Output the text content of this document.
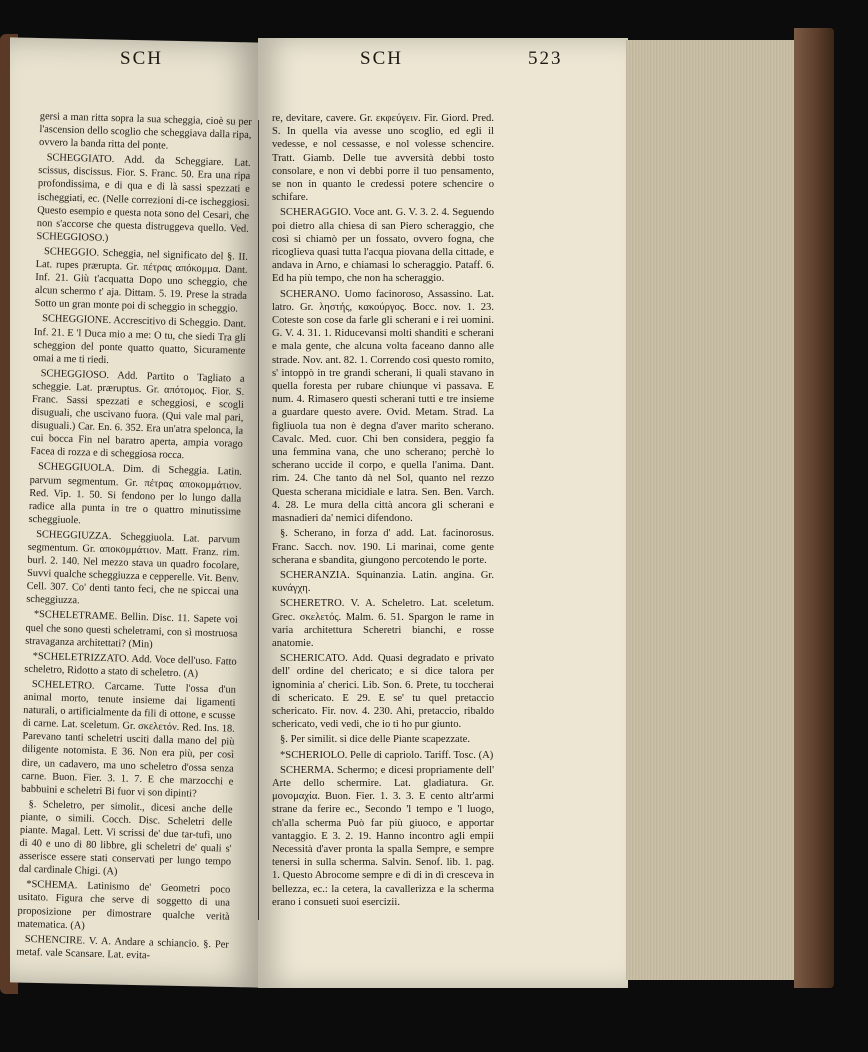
SCH	SCH	523

gersi a man ritta sopra la sua scheggia, cioè su per l'ascension dello scoglio che scheggiava dalla ripa, ovvero la banda ritta del ponte.

SCHEGGIATO. Add. da Scheggiare. Lat. scissus, discissus. Fior. S. Franc. 50. Era una ripa profondissima, e di qua e di là sassi spezzati e ischeggiati, ec. (Nelle correzioni di-ce ischeggiosi. Questo esempio e questa nota sono del Cesari, che non s'accorse che questa distruggeva quello. Ved. SCHEGGIOSO.)

SCHEGGIO. Scheggia, nel significato del §. II. Lat. rupes prærupta. Gr. πέτρας απόκομμα. Dant. Inf. 21. Giù t'acquatta Dopo uno scheggio, che alcun schermo t' aja. Dittam. 5. 19. Prese la strada Sotto un gran monte poi di scheggio in scheggio.

SCHEGGIONE. Accrescitivo di Scheggio. Dant. Inf. 21. E 'l Duca mio a me: O tu, che siedi Tra gli scheggion del ponte quatto quatto, Sicuramente omai a me ti riedi.

SCHEGGIOSO. Add. Partito o Tagliato a scheggie. Lat. præruptus. Gr. απότομος. Fior. S. Franc. Sassi spezzati e scheggiosi, e scogli disuguali, che uscivano fuora. (Qui vale mal pari, disuguali.) Car. En. 6. 352. Era un'atra spelonca, la cui bocca Fin nel baratro aperta, ampia vorago Facea di rozza e di scheggiosa rocca.

SCHEGGIUOLA. Dim. di Scheggia. Latin. parvum segmentum. Gr. πέτρας αποκομμάτιον. Red. Vip. 1. 50. Si fendono per lo lungo dalla radice alla punta in tre o quattro minutissime scheggiuole.

SCHEGGIUZZA. Scheggiuola. Lat. parvum segmentum. Gr. αποκομμάτιον. Matt. Franz. rim. burl. 2. 140. Nel mezzo stava un quadro focolare, Suvvi qualche scheggiuzza e cepperelle. Vit. Benv. Cell. 307. Co' denti tanto feci, che ne spiccai una scheggiuzza.

*SCHELETRAME. Bellin. Disc. 11. Sapete voi quel che sono questi scheletrami, con sì mostruosa stravaganza architettati? (Min)

*SCHELETRIZZATO. Add. Voce dell'uso. Fatto scheletro, Ridotto a stato di scheletro. (A)

SCHELETRO. Carcame. Tutte l'ossa d'un animal morto, tenute insieme dai ligamenti naturali, o artificialmente da fili di ottone, e scusse di carne. Lat. sceletum. Gr. σκελετόν. Red. Ins. 18. Parevano tanti scheletri usciti dalla mano del più diligente notomista. E 36. Non era più, per così dire, un cadavero, ma uno scheletro d'ossa senza carne. Buon. Fier. 3. 1. 7. E che marzocchi e babbuini e scheletri Bi fuor vi son dipinti?

§. Scheletro, per simolit., dicesi anche delle piante, o simili. Cocch. Disc. Scheletri delle piante. Magal. Lett. Vi scrissi de' due tar-tufi, uno di 40 e uno di 80 libbre, gli scheletri de' quali s' asserisce essere stati conservati per lungo tempo dal cardinale Chigi. (A)

*SCHEMA. Latinismo de' Geometri poco usitato. Figura che serve di soggetto di una proposizione per dimostrare qualche verità matematica. (A)

SCHENCIRE. V. A. Andare a schiancio. §. Per metaf. vale Scansare. Lat. evita-

re, devitare, cavere. Gr. εκφεύγειν. Fir. Giord. Pred. S. In quella via avesse uno scoglio, ed egli il vedesse, e nol cessasse, e nol volesse schencire. Tratt. Giamb. Delle tue avversità debbi tosto consolare, e non vi debbi porre il tuo pensamento, se non in quanto le credessi potere schencire o schifare.

SCHERAGGIO. Voce ant. G. V. 3. 2. 4. Seguendo poi dietro alla chiesa di san Piero scheraggio, che così si chiamò per un fossato, ovvero fogna, che ricoglieva quasi tutta l'acqua piovana della cittade, e andava in Arno, e chiamasi lo scheraggio. Pataff. 6. Ed ha più tempo, che non ha scheraggio.

SCHERANO. Uomo facinoroso, Assassino. Lat. latro. Gr. ληστής, κακούργος. Bocc. nov. 1. 23. Coteste son cose da farle gli scherani e i rei uomini. G. V. 4. 31. 1. Riducevansi molti shanditi e scherani e mala gente, che alcuna volta faceano danno alle strade. Nov. ant. 82. 1. Correndo così questo romito, s' intoppò in tre grandi scherani, li quali stavano in quella foresta per rubare chiunque vi passava. E num. 4. Rimasero questi scherani tutti e tre insieme a guardare questo avere. Ovid. Metam. Strad. La figliuola tua non è degna d'aver marito scherano. Cavalc. Med. cuor. Chi ben considera, peggio fa una femmina vana, che uno scherano; perchè lo scherano uccide il corpo, e quella l'anima. Dant. rim. 24. Che tanto dà nel Sol, quanto nel rezzo Questa scherana micidiale e latra. Sen. Ben. Varch. 4. 28. Le mura della città ancora gli scherani e masnadieri da' nemici difendono.

§. Scherano, in forza d' add. Lat. facinorosus. Franc. Sacch. nov. 190. Li marinai, come gente scherana e sbandita, giungono percotendo le porte.

SCHERANZIA. Squinanzia. Latin. angina. Gr. κυνάγχη.

SCHERETRO. V. A. Scheletro. Lat. sceletum. Grec. σκελετός. Malm. 6. 51. Spargon le rame in varia architettura Scheretri bianchi, e rosse anatomie.

SCHERICATO. Add. Quasi degradato e privato dell' ordine del chericato; e si dice talora per ignominia a' cherici. Lib. Son. 6. Prete, tu toccherai di schericato. E 29. E se' tu quel pretaccio schericato. Fir. nov. 4. 230. Ahi, pretaccio, ribaldo schericato, vedi vedi, che io ti ho pur giunto.

§. Per similit. si dice delle Piante scapezzate.

*SCHERIOLO. Pelle di capriolo. Tariff. Tosc. (A)

SCHERMA. Schermo; e dicesi propriamente dell' Arte dello schermire. Lat. gladiatura. Gr. μονομαχία. Buon. Fier. 1. 3. 3. E cento altr'armi strane da ferire ec., Secondo 'l tempo e 'l luogo, ch'alla scherma Può far più giuoco, e apportar vantaggio. E 3. 2. 19. Hanno incontro agli empii Necessità d'aver pronta la spalla Sempre, e sempre tenersi in sulla scherma. Salvin. Senof. lib. 1. pag. 1. Questo Abrocome sempre e dì di in dì cresceva in bellezza, ec.: la cetera, la cavallerizza e la scherma erano i consueti suoi esercizii.
